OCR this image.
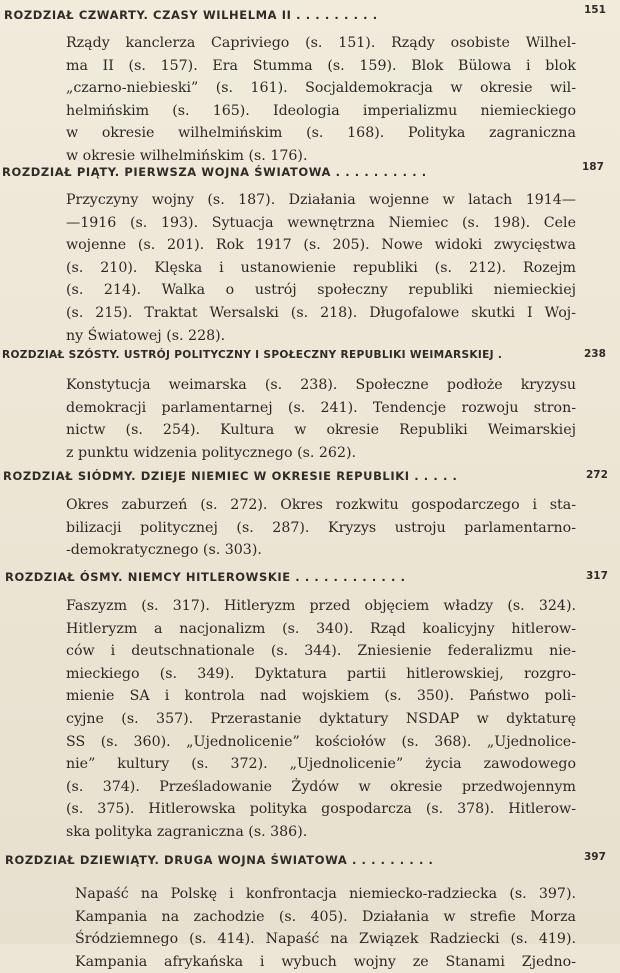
ROZDZIAŁ CZWARTY. CZASY WILHELMA II . . . . . . . . .	151
Rządy kanclerza Capriviego (s. 151). Rządy osobiste Wilhel-
ma II (s. 157). Era Stumma (s. 159). Blok Bülowa i blok
„czarno-niebieski” (s. 161). Socjaldemokracja w okresie wil-
helmińskim (s. 165). Ideologia imperializmu niemieckiego
w okresie wilhelmińskim (s. 168). Polityka zagraniczna
w okresie wilhelmińskim (s. 176).
ROZDZIAŁ PIĄTY. PIERWSZA WOJNA ŚWIATOWA . . . . . . . . . .	187
Przyczyny wojny (s. 187). Działania wojenne w latach 1914—
—1916 (s. 193). Sytuacja wewnętrzna Niemiec (s. 198). Cele
wojenne (s. 201). Rok 1917 (s. 205). Nowe widoki zwycięstwa
(s. 210). Klęska i ustanowienie republiki (s. 212). Rozejm
(s. 214). Walka o ustrój społeczny republiki niemieckiej
(s. 215). Traktat Wersalski (s. 218). Długofalowe skutki I Woj-
ny Światowej (s. 228).
ROZDZIAŁ SZÓSTY. USTRÓJ POLITYCZNY I SPOŁECZNY REPUBLIKI WEIMARSKIEJ .	238
Konstytucja weimarska (s. 238). Społeczne podłoże kryzysu
demokracji parlamentarnej (s. 241). Tendencje rozwoju stron-
nictw (s. 254). Kultura w okresie Republiki Weimarskiej
z punktu widzenia politycznego (s. 262).
ROZDZIAŁ SIÓDMY. DZIEJE NIEMIEC W OKRESIE REPUBLIKI . . . . .	272
Okres zaburzeń (s. 272). Okres rozkwitu gospodarczego i sta-
bilizacji politycznej (s. 287). Kryzys ustroju parlamentarno-
-demokratycznego (s. 303).
ROZDZIAŁ ÓSMY. NIEMCY HITLEROWSKIE . . . . . . . . . . . .	317
Faszyzm (s. 317). Hitleryzm przed objęciem władzy (s. 324).
Hitleryzm a nacjonalizm (s. 340). Rząd koalicyjny hitlerow-
ców i deutschnationale (s. 344). Zniesienie federalizmu nie-
mieckiego (s. 349). Dyktatura partii hitlerowskiej, rozgro-
mienie SA i kontrola nad wojskiem (s. 350). Państwo poli-
cyjne (s. 357). Przerastanie dyktatury NSDAP w dyktaturę
SS (s. 360). „Ujednolicenie” kościołów (s. 368). „Ujednolice-
nie” kultury (s. 372). „Ujednolicenie” życia zawodowego
(s. 374). Prześladowanie Żydów w okresie przedwojennym
(s. 375). Hitlerowska polityka gospodarcza (s. 378). Hitlerow-
ska polityka zagraniczna (s. 386).
ROZDZIAŁ DZIEWIĄTY. DRUGA WOJNA ŚWIATOWA . . . . . . . . .	397
Napaść na Polskę i konfrontacja niemiecko-radziecka (s. 397).
Kampania na zachodzie (s. 405). Działania w strefie Morza
Śródziemnego (s. 414). Napaść na Związek Radziecki (s. 419).
Kampania afrykańska i wybuch wojny ze Stanami Zjedno-
